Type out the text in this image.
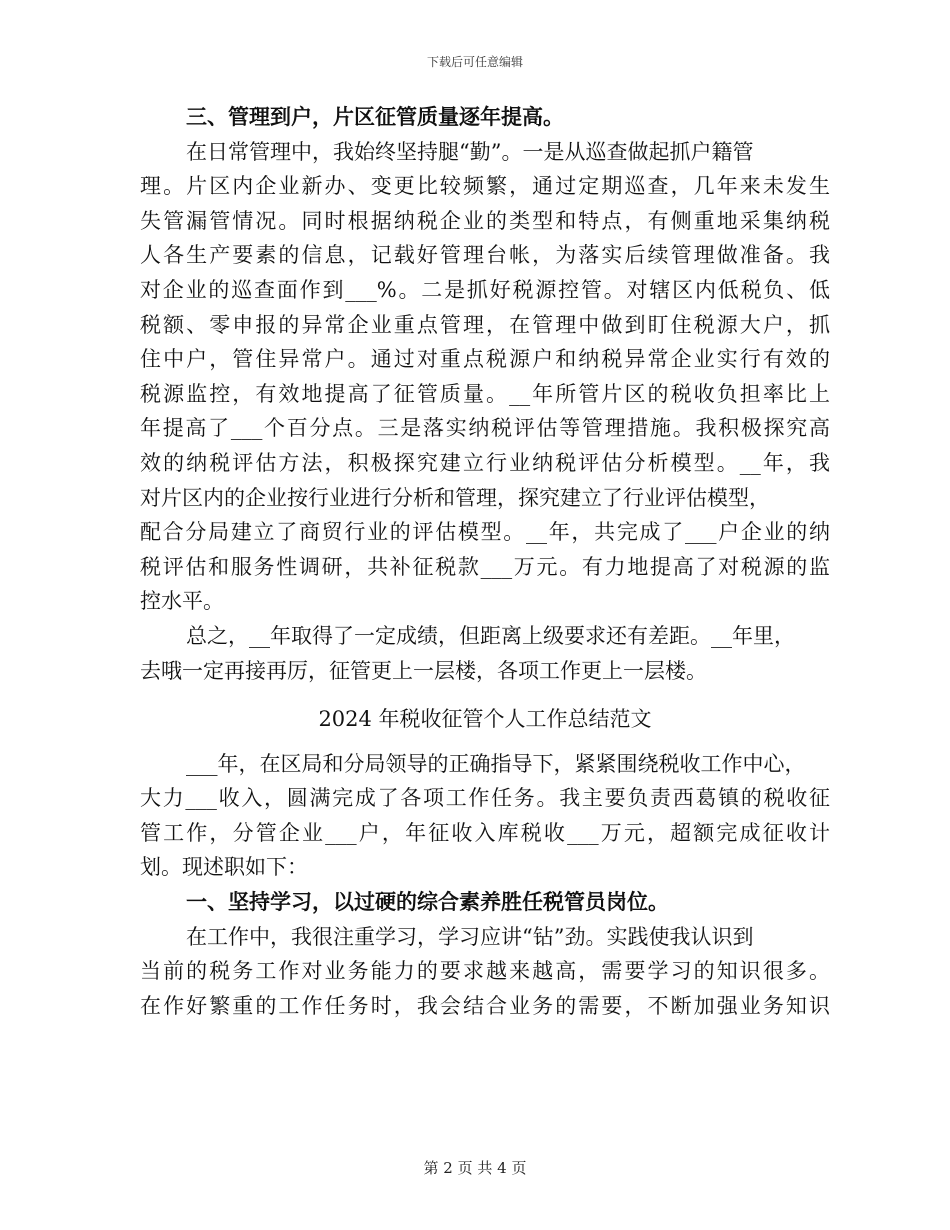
下载后可任意编辑
三、管理到户，片区征管质量逐年提高。
在日常管理中，我始终坚持腿“勤”。一是从巡查做起抓户籍管
理。片区内企业新办、变更比较频繁，通过定期巡查，几年来未发生
失管漏管情况。同时根据纳税企业的类型和特点，有侧重地采集纳税
人各生产要素的信息，记载好管理台帐，为落实后续管理做准备。我
对企业的巡查面作到___%。二是抓好税源控管。对辖区内低税负、低
税额、零申报的异常企业重点管理，在管理中做到盯住税源大户，抓
住中户，管住异常户。通过对重点税源户和纳税异常企业实行有效的
税源监控，有效地提高了征管质量。__年所管片区的税收负担率比上
年提高了___个百分点。三是落实纳税评估等管理措施。我积极探究高
效的纳税评估方法，积极探究建立行业纳税评估分析模型。__年，我
对片区内的企业按行业进行分析和管理，探究建立了行业评估模型，
配合分局建立了商贸行业的评估模型。__年，共完成了___户企业的纳
税评估和服务性调研，共补征税款___万元。有力地提高了对税源的监
控水平。
总之，__年取得了一定成绩，但距离上级要求还有差距。__年里，
去哦一定再接再厉，征管更上一层楼，各项工作更上一层楼。
2024 年税收征管个人工作总结范文
___年，在区局和分局领导的正确指导下，紧紧围绕税收工作中心，
大力___收入，圆满完成了各项工作任务。我主要负责西葛镇的税收征
管工作，分管企业___户，年征收入库税收___万元，超额完成征收计
划。现述职如下：
一、坚持学习，以过硬的综合素养胜任税管员岗位。
在工作中，我很注重学习，学习应讲“钻”劲。实践使我认识到
当前的税务工作对业务能力的要求越来越高，需要学习的知识很多。
在作好繁重的工作任务时，我会结合业务的需要，不断加强业务知识
第 2 页 共 4 页
